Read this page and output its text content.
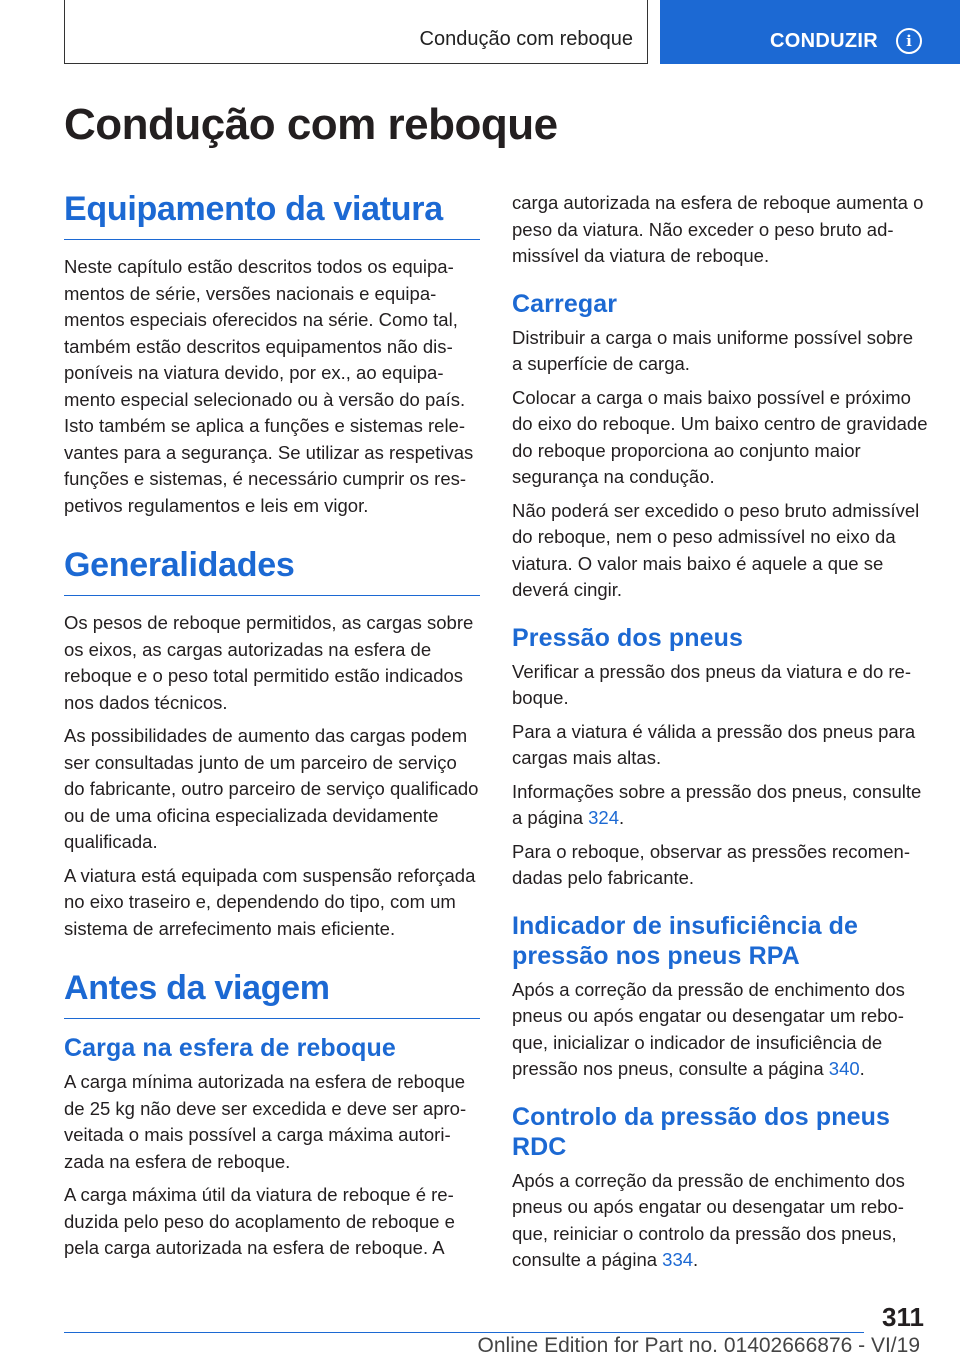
Condução com reboque	CONDUZIR	i
Condução com reboque
Equipamento da viatura

Neste capítulo estão descritos todos os equipamentos de série, versões nacionais e equipamentos especiais oferecidos na série. Como tal, também estão descritos equipamentos não disponíveis na viatura devido, por ex., ao equipamento especial selecionado ou à versão do país. Isto também se aplica a funções e sistemas relevantes para a segurança. Se utilizar as respetivas funções e sistemas, é necessário cumprir os respetivos regulamentos e leis em vigor.

Generalidades

Os pesos de reboque permitidos, as cargas sobre os eixos, as cargas autorizadas na esfera de reboque e o peso total permitido estão indicados nos dados técnicos.

As possibilidades de aumento das cargas podem ser consultadas junto de um parceiro de serviço do fabricante, outro parceiro de serviço qualificado ou de uma oficina especializada devidamente qualificada.

A viatura está equipada com suspensão reforçada no eixo traseiro e, dependendo do tipo, com um sistema de arrefecimento mais eficiente.

Antes da viagem
Carga na esfera de reboque

A carga mínima autorizada na esfera de reboque de 25 kg não deve ser excedida e deve ser aproveitada o mais possível a carga máxima autorizada na esfera de reboque.

A carga máxima útil da viatura de reboque é reduzida pelo peso do acoplamento de reboque e pela carga autorizada na esfera de reboque. A

carga autorizada na esfera de reboque aumenta o peso da viatura. Não exceder o peso bruto admissível da viatura de reboque.

Carregar

Distribuir a carga o mais uniforme possível sobre a superfície de carga.

Colocar a carga o mais baixo possível e próximo do eixo do reboque. Um baixo centro de gravidade do reboque proporciona ao conjunto maior segurança na condução.

Não poderá ser excedido o peso bruto admissível do reboque, nem o peso admissível no eixo da viatura. O valor mais baixo é aquele a que se deverá cingir.

Pressão dos pneus

Verificar a pressão dos pneus da viatura e do reboque.

Para a viatura é válida a pressão dos pneus para cargas mais altas.

Informações sobre a pressão dos pneus, consulte a página 324.

Para o reboque, observar as pressões recomendadas pelo fabricante.

Indicador de insuficiência de pressão nos pneus RPA

Após a correção da pressão de enchimento dos pneus ou após engatar ou desengatar um reboque, inicializar o indicador de insuficiência de pressão nos pneus, consulte a página 340.

Controlo da pressão dos pneus RDC

Após a correção da pressão de enchimento dos pneus ou após engatar ou desengatar um reboque, reiniciar o controlo da pressão dos pneus, consulte a página 334.

311
Online Edition for Part no. 01402666876 - VI/19
